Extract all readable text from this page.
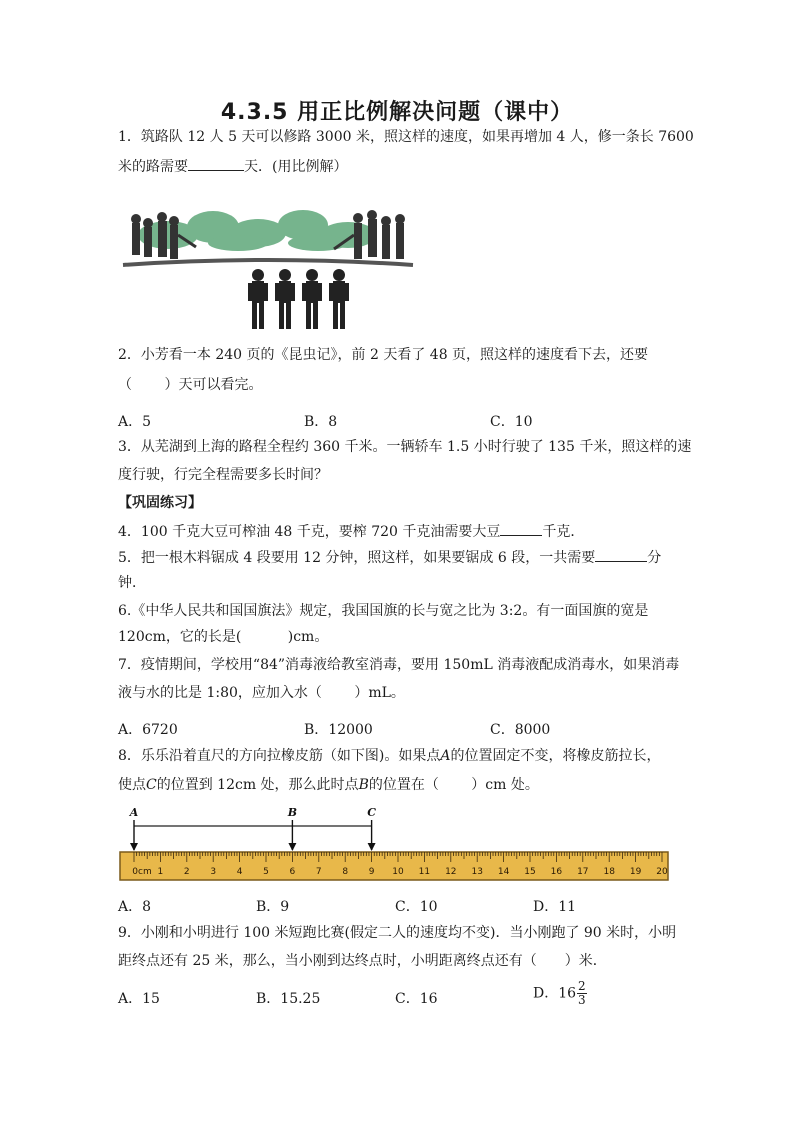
4.3.5 用正比例解决问题（课中）
1．筑路队 12 人 5 天可以修路 3000 米，照这样的速度，如果再增加 4 人，修一条长 7600
米的路需要	天．(用比例解）
2．小芳看一本 240 页的《昆虫记》，前 2 天看了 48 页，照这样的速度看下去，还要
（　　 ）天可以看完。
A．5	B．8	C．10
3．从芜湖到上海的路程全程约 360 千米。一辆轿车 1.5 小时行驶了 135 千米，照这样的速
度行驶，行完全程需要多长时间？
【巩固练习】
4．100 千克大豆可榨油 48 千克，要榨 720 千克油需要大豆	千克．
5．把一根木料锯成 4 段要用 12 分钟，照这样，如果要锯成 6 段，一共需要	分
钟．
6.《中华人民共和国国旗法》规定，我国国旗的长与宽之比为 3:2。有一面国旗的宽是
120cm，它的长是(　　　 )cm。
7．疫情期间，学校用“84”消毒液给教室消毒，要用 150mL 消毒液配成消毒水，如果消毒
液与水的比是 1:80，应加入水（　　 ）mL。
A．6720	B．12000	C．8000
8．乐乐沿着直尺的方向拉橡皮筋（如下图)。如果点A的位置固定不变，将橡皮筋拉长，
使点C的位置到 12cm 处，那么此时点B的位置在（　　 ）cm 处。
0cm 1 2 3 4 5 6 7 8 9 10 11 12 13 14 15 16 17 18 19 20
A	B	C
A．8	B．9	C．10	D．11
9．小刚和小明进行 100 米短跑比赛(假定二人的速度均不变)．当小刚跑了 90 米时，小明
距终点还有 25 米，那么，当小刚到达终点时，小明距离终点还有（　　）米．
A．15	B．15.25	C．16	D．$16 \frac{2}{3}$
